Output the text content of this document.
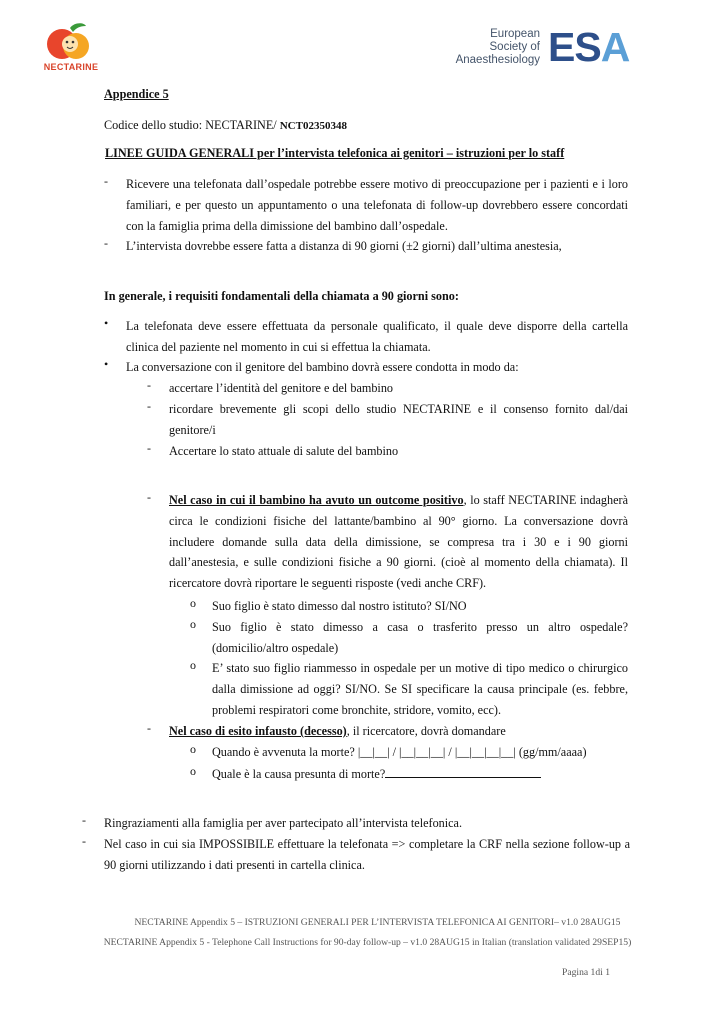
NECTARINE
European
Society of
Anaesthesiology ESA
Appendice 5
Codice dello studio: NECTARINE/ NCT02350348
LINEE GUIDA GENERALI per l’intervista telefonica ai genitori – istruzioni per lo staff
- Ricevere una telefonata dall’ospedale potrebbe essere motivo di preoccupazione per i pazienti e i loro familiari, e per questo un appuntamento o una telefonata di follow-up dovrebbero essere concordati con la famiglia prima della dimissione del bambino dall’ospedale.
- L’intervista dovrebbe essere fatta a distanza di 90 giorni (±2 giorni) dall’ultima anestesia,
In generale, i requisiti fondamentali della chiamata a 90 giorni sono:
• La telefonata deve essere effettuata da personale qualificato, il quale deve disporre della cartella clinica del paziente nel momento in cui si effettua la chiamata.
• La conversazione con il genitore del bambino dovrà essere condotta in modo da:
- accertare l’identità del genitore e del bambino
- ricordare brevemente gli scopi dello studio NECTARINE e il consenso fornito dal/dai genitore/i
- Accertare lo stato attuale di salute del bambino
- Nel caso in cui il bambino ha avuto un outcome positivo, lo staff NECTARINE indagherà circa le condizioni fisiche del lattante/bambino al 90° giorno. La conversazione dovrà includere domande sulla data della dimissione, se compresa tra i 30 e i 90 giorni dall’anestesia, e sulle condizioni fisiche a 90 giorni. (cioè al momento della chiamata). Il ricercatore dovrà riportare le seguenti risposte (vedi anche CRF).
o Suo figlio è stato dimesso dal nostro istituto? SI/NO
o Suo figlio è stato dimesso a casa o trasferito presso un altro ospedale? (domicilio/altro ospedale)
o E’ stato suo figlio riammesso in ospedale per un motive di tipo medico o chirurgico dalla dimissione ad oggi? SI/NO. Se SI specificare la causa principale (es. febbre, problemi respiratori come bronchite, stridore, vomito, ecc).
- Nel caso di esito infausto (decesso), il ricercatore, dovrà domandare
o Quando è avvenuta la morte? |__|__| / |__|__|__| / |__|__|__|__| (gg/mm/aaaa)
o Quale è la causa presunta di morte?
- Ringraziamenti alla famiglia per aver partecipato all’intervista telefonica.
- Nel caso in cui sia IMPOSSIBILE effettuare la telefonata => completare la CRF nella sezione follow-up a 90 giorni utilizzando i dati presenti in cartella clinica.
NECTARINE Appendix 5 – ISTRUZIONI GENERALI PER L’INTERVISTA TELEFONICA AI GENITORI– v1.0 28AUG15
NECTARINE Appendix 5 - Telephone Call Instructions for 90-day follow-up – v1.0 28AUG15 in Italian (translation validated 29SEP15)
Pagina 1di 1
